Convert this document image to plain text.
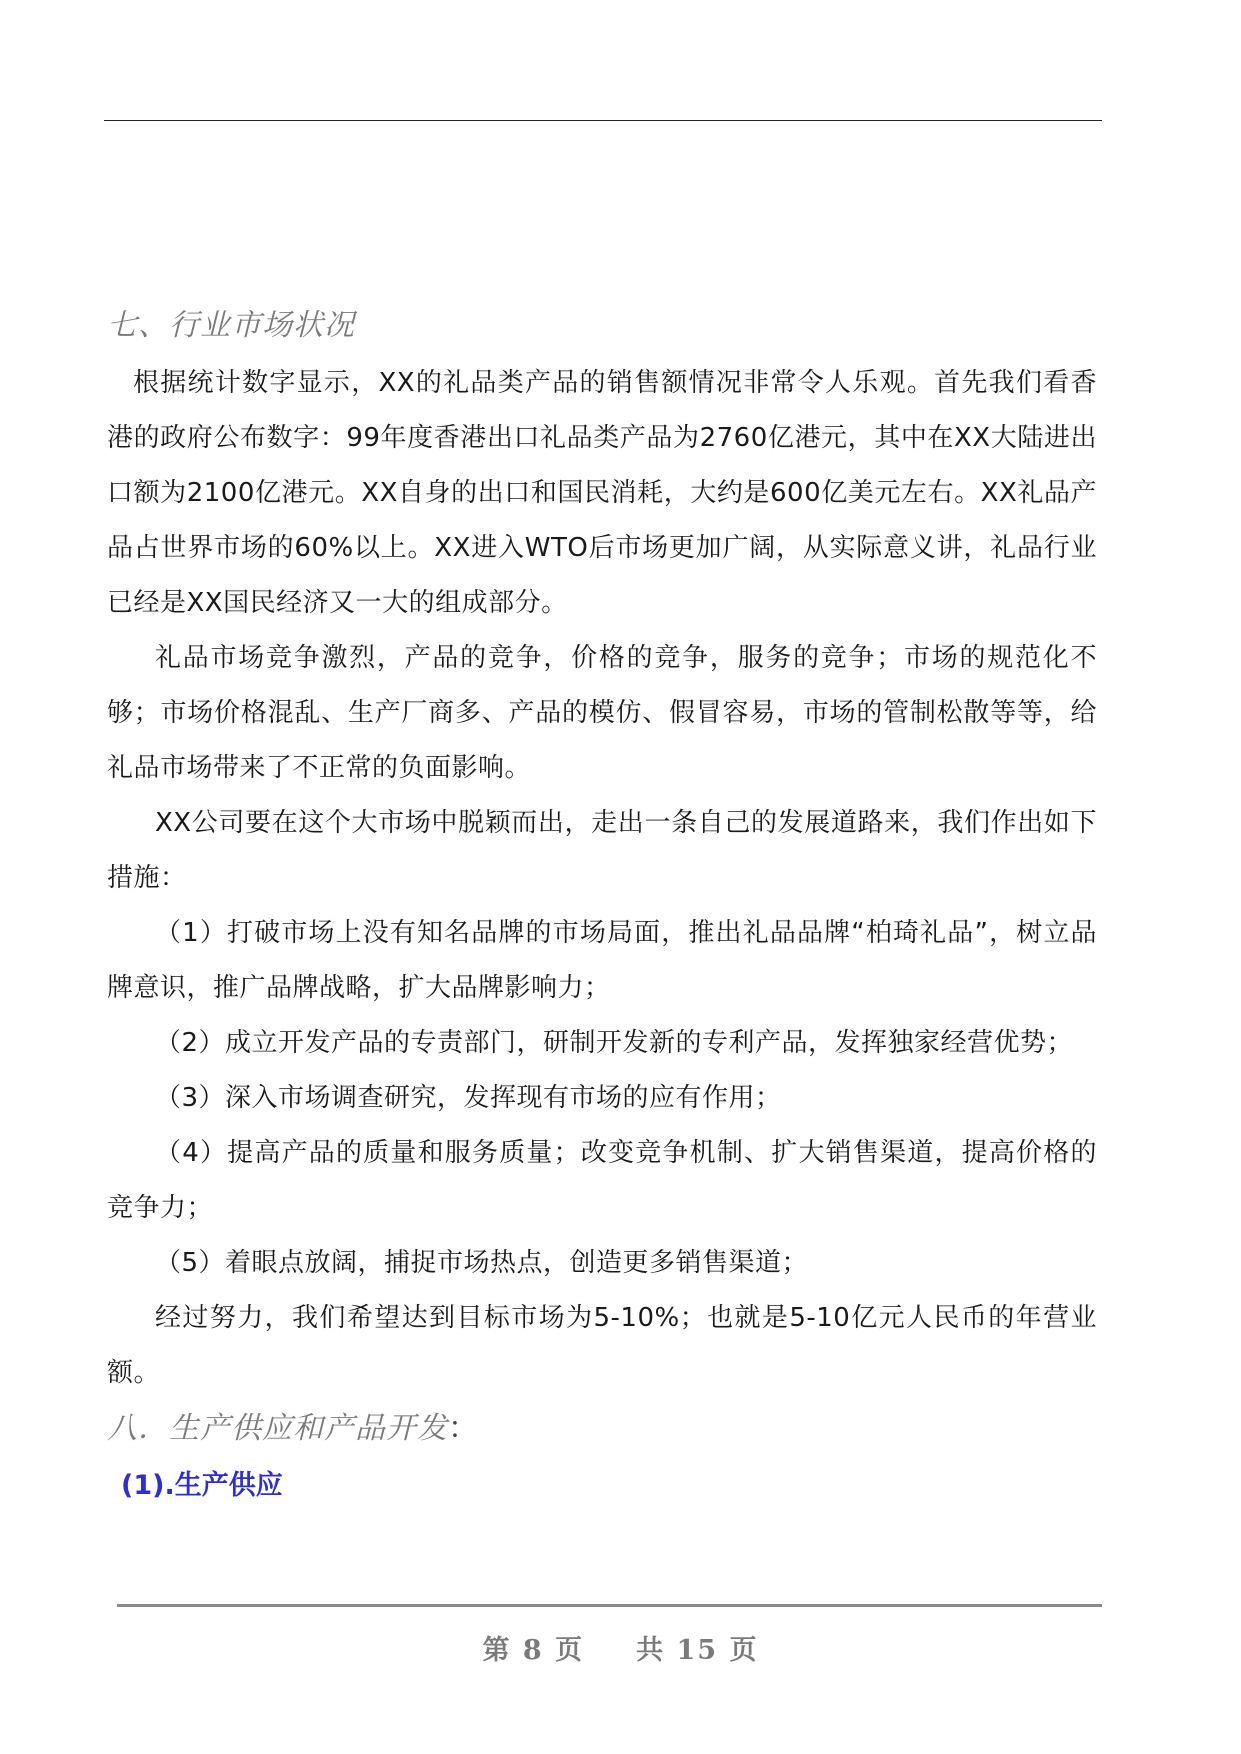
七、行业市场状况

根据统计数字显示，XX的礼品类产品的销售额情况非常令人乐观。首先我们看香港的政府公布数字：99年度香港出口礼品类产品为2760亿港元，其中在XX大陆进出口额为2100亿港元。XX自身的出口和国民消耗，大约是600亿美元左右。XX礼品产品占世界市场的60%以上。XX进入WTO后市场更加广阔，从实际意义讲，礼品行业已经是XX国民经济又一大的组成部分。

礼品市场竞争激烈，产品的竞争，价格的竞争，服务的竞争；市场的规范化不够；市场价格混乱、生产厂商多、产品的模仿、假冒容易，市场的管制松散等等，给礼品市场带来了不正常的负面影响。

XX公司要在这个大市场中脱颖而出，走出一条自己的发展道路来，我们作出如下措施：

（1）打破市场上没有知名品牌的市场局面，推出礼品品牌“柏琦礼品”，树立品牌意识，推广品牌战略，扩大品牌影响力；

（2）成立开发产品的专责部门，研制开发新的专利产品，发挥独家经营优势；

（3）深入市场调查研究，发挥现有市场的应有作用；

（4）提高产品的质量和服务质量；改变竞争机制、扩大销售渠道，提高价格的竞争力；

（5）着眼点放阔，捕捉市场热点，创造更多销售渠道；

经过努力，我们希望达到目标市场为5-10%；也就是5-10亿元人民币的年营业额。

八．生产供应和产品开发：
(1).生产供应
第 8 页 共 15 页
